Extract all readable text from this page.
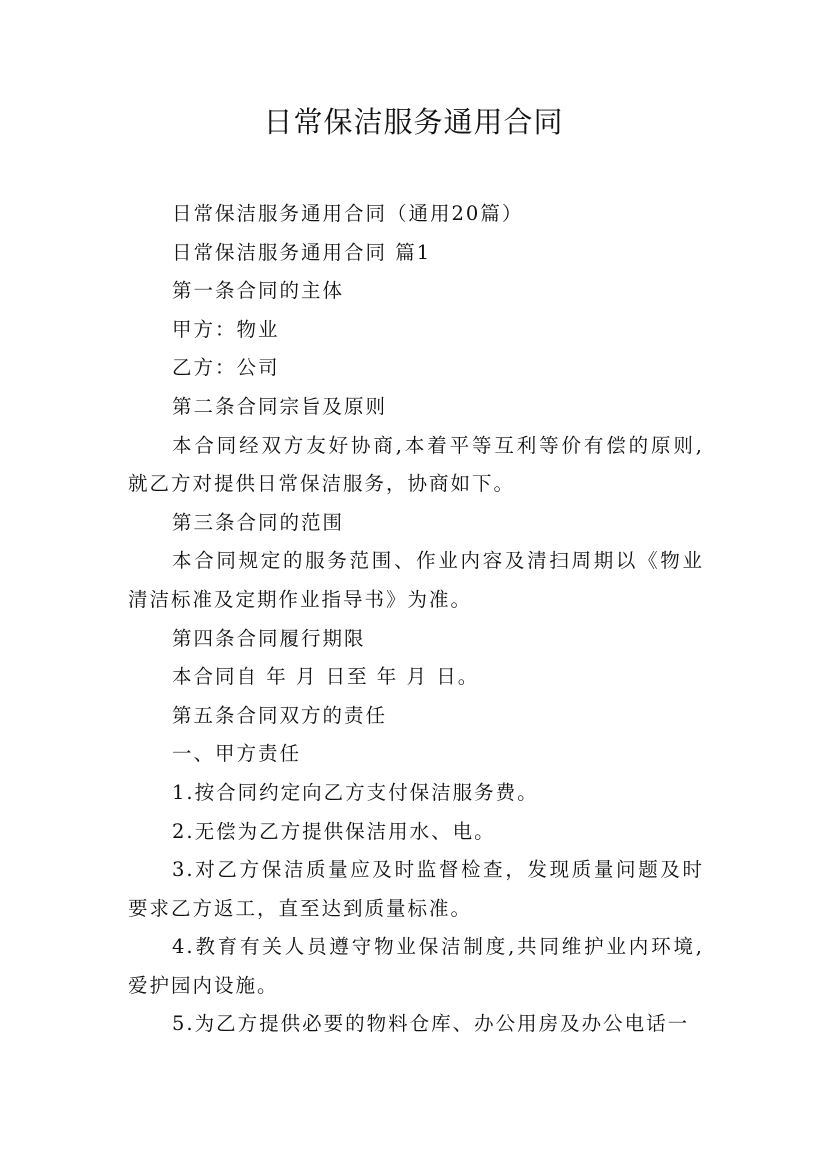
日常保洁服务通用合同

日常保洁服务通用合同（通用20篇）

日常保洁服务通用合同 篇1

第一条合同的主体

甲方：物业

乙方：公司

第二条合同宗旨及原则

本合同经双方友好协商,本着平等互利等价有偿的原则,就乙方对提供日常保洁服务，协商如下。

第三条合同的范围

本合同规定的服务范围、作业内容及清扫周期以《物业清洁标准及定期作业指导书》为准。

第四条合同履行期限

本合同自 年 月 日至 年 月 日。

第五条合同双方的责任

一、甲方责任

1.按合同约定向乙方支付保洁服务费。

2.无偿为乙方提供保洁用水、电。

3.对乙方保洁质量应及时监督检查，发现质量问题及时要求乙方返工，直至达到质量标准。

4.教育有关人员遵守物业保洁制度,共同维护业内环境,爱护园内设施。

5.为乙方提供必要的物料仓库、办公用房及办公电话一
